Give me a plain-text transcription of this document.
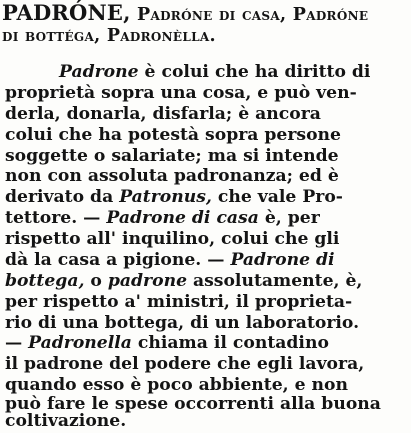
PADRÓNE, Padróne di casa, Padróne
di bottéga, Padronèlla.
Padrone è colui che ha diritto di
proprietà sopra una cosa, e può ven-
derla, donarla, disfarla; è ancora
colui che ha potestà sopra persone
soggette o salariate; ma si intende
non con assoluta padronanza; ed è
derivato da Patronus, che vale Pro-
tettore. — Padrone di casa è, per
rispetto all' inquilino, colui che gli
dà la casa a pigione. — Padrone di
bottega, o padrone assolutamente, è,
per rispetto a' ministri, il proprieta-
rio di una bottega, di un laboratorio.
— Padronella chiama il contadino
il padrone del podere che egli lavora,
quando esso è poco abbiente, e non
può fare le spese occorrenti alla buona
coltivazione.
